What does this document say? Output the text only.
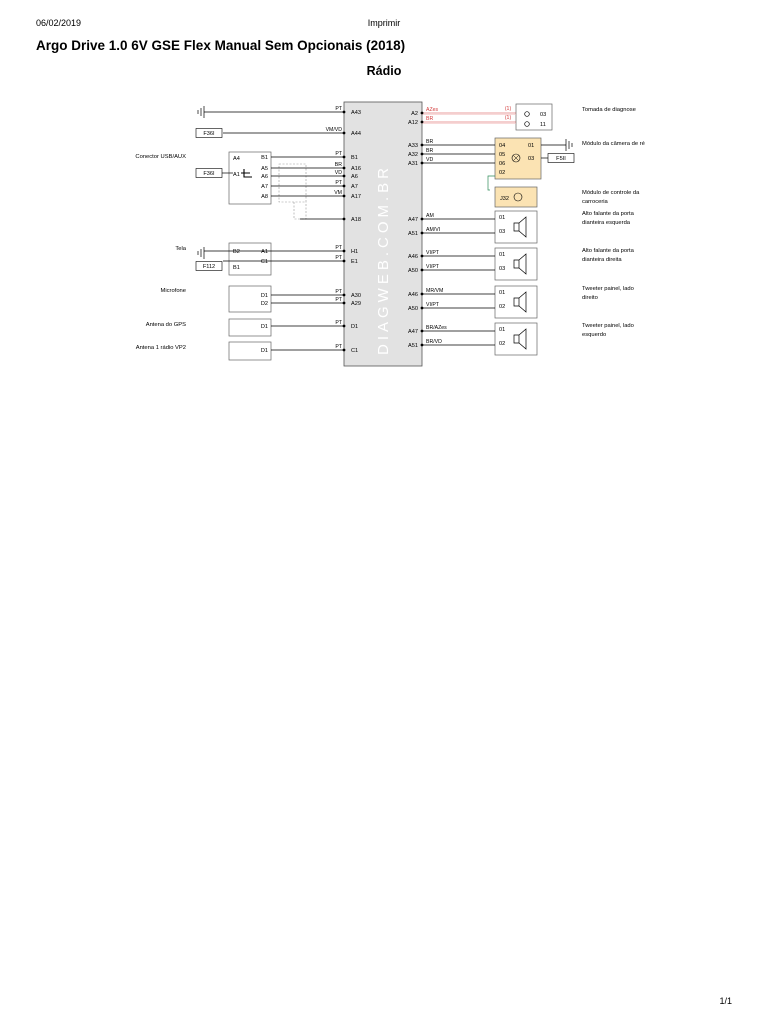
06/02/2019	Imprimir
Argo Drive 1.0 6V GSE Flex Manual Sem Opcionais (2018)
Rádio
A43
PT
A44
VM/VD
B1
PT
A16
BR
A6
VD
A7
PT
A17
VM
A18
H1
PT
E1
PT
A30
PT
A29
PT
D1
PT
C1
PT
A2
AZes
A12
BR
A33
BR
A32
BR
A31
VD
A47
AM
A51
AM/VI
A46
VI/PT
A50
VI/PT
A46
MR/VM
A50
VI/PT
A47
BR/AZes
A51
BR/VD
F36I
F36I
F112
F5II
Conector USB/AUX	A4
A1
B1
A5
A6
A7
A8
Tela	B2
B1
A1
C1
Microfone
D1
D2
Antena do GPS	D1
Antena 1 rádio VP2	D1
Tomada de diagnose
(1)
(1)	03
11
Módulo da câmera de ré
04
05
06
02
01
03
Módulo de controle da
carroceria
J32
Alto falante da porta
dianteira esquerda
01
03
Alto falante da porta
dianteira direita
01
03
Tweeter painel, lado
direito
01
02
Tweeter painel, lado
esquerdo
01
02
DIAGWEB.COM.BR
1/1
